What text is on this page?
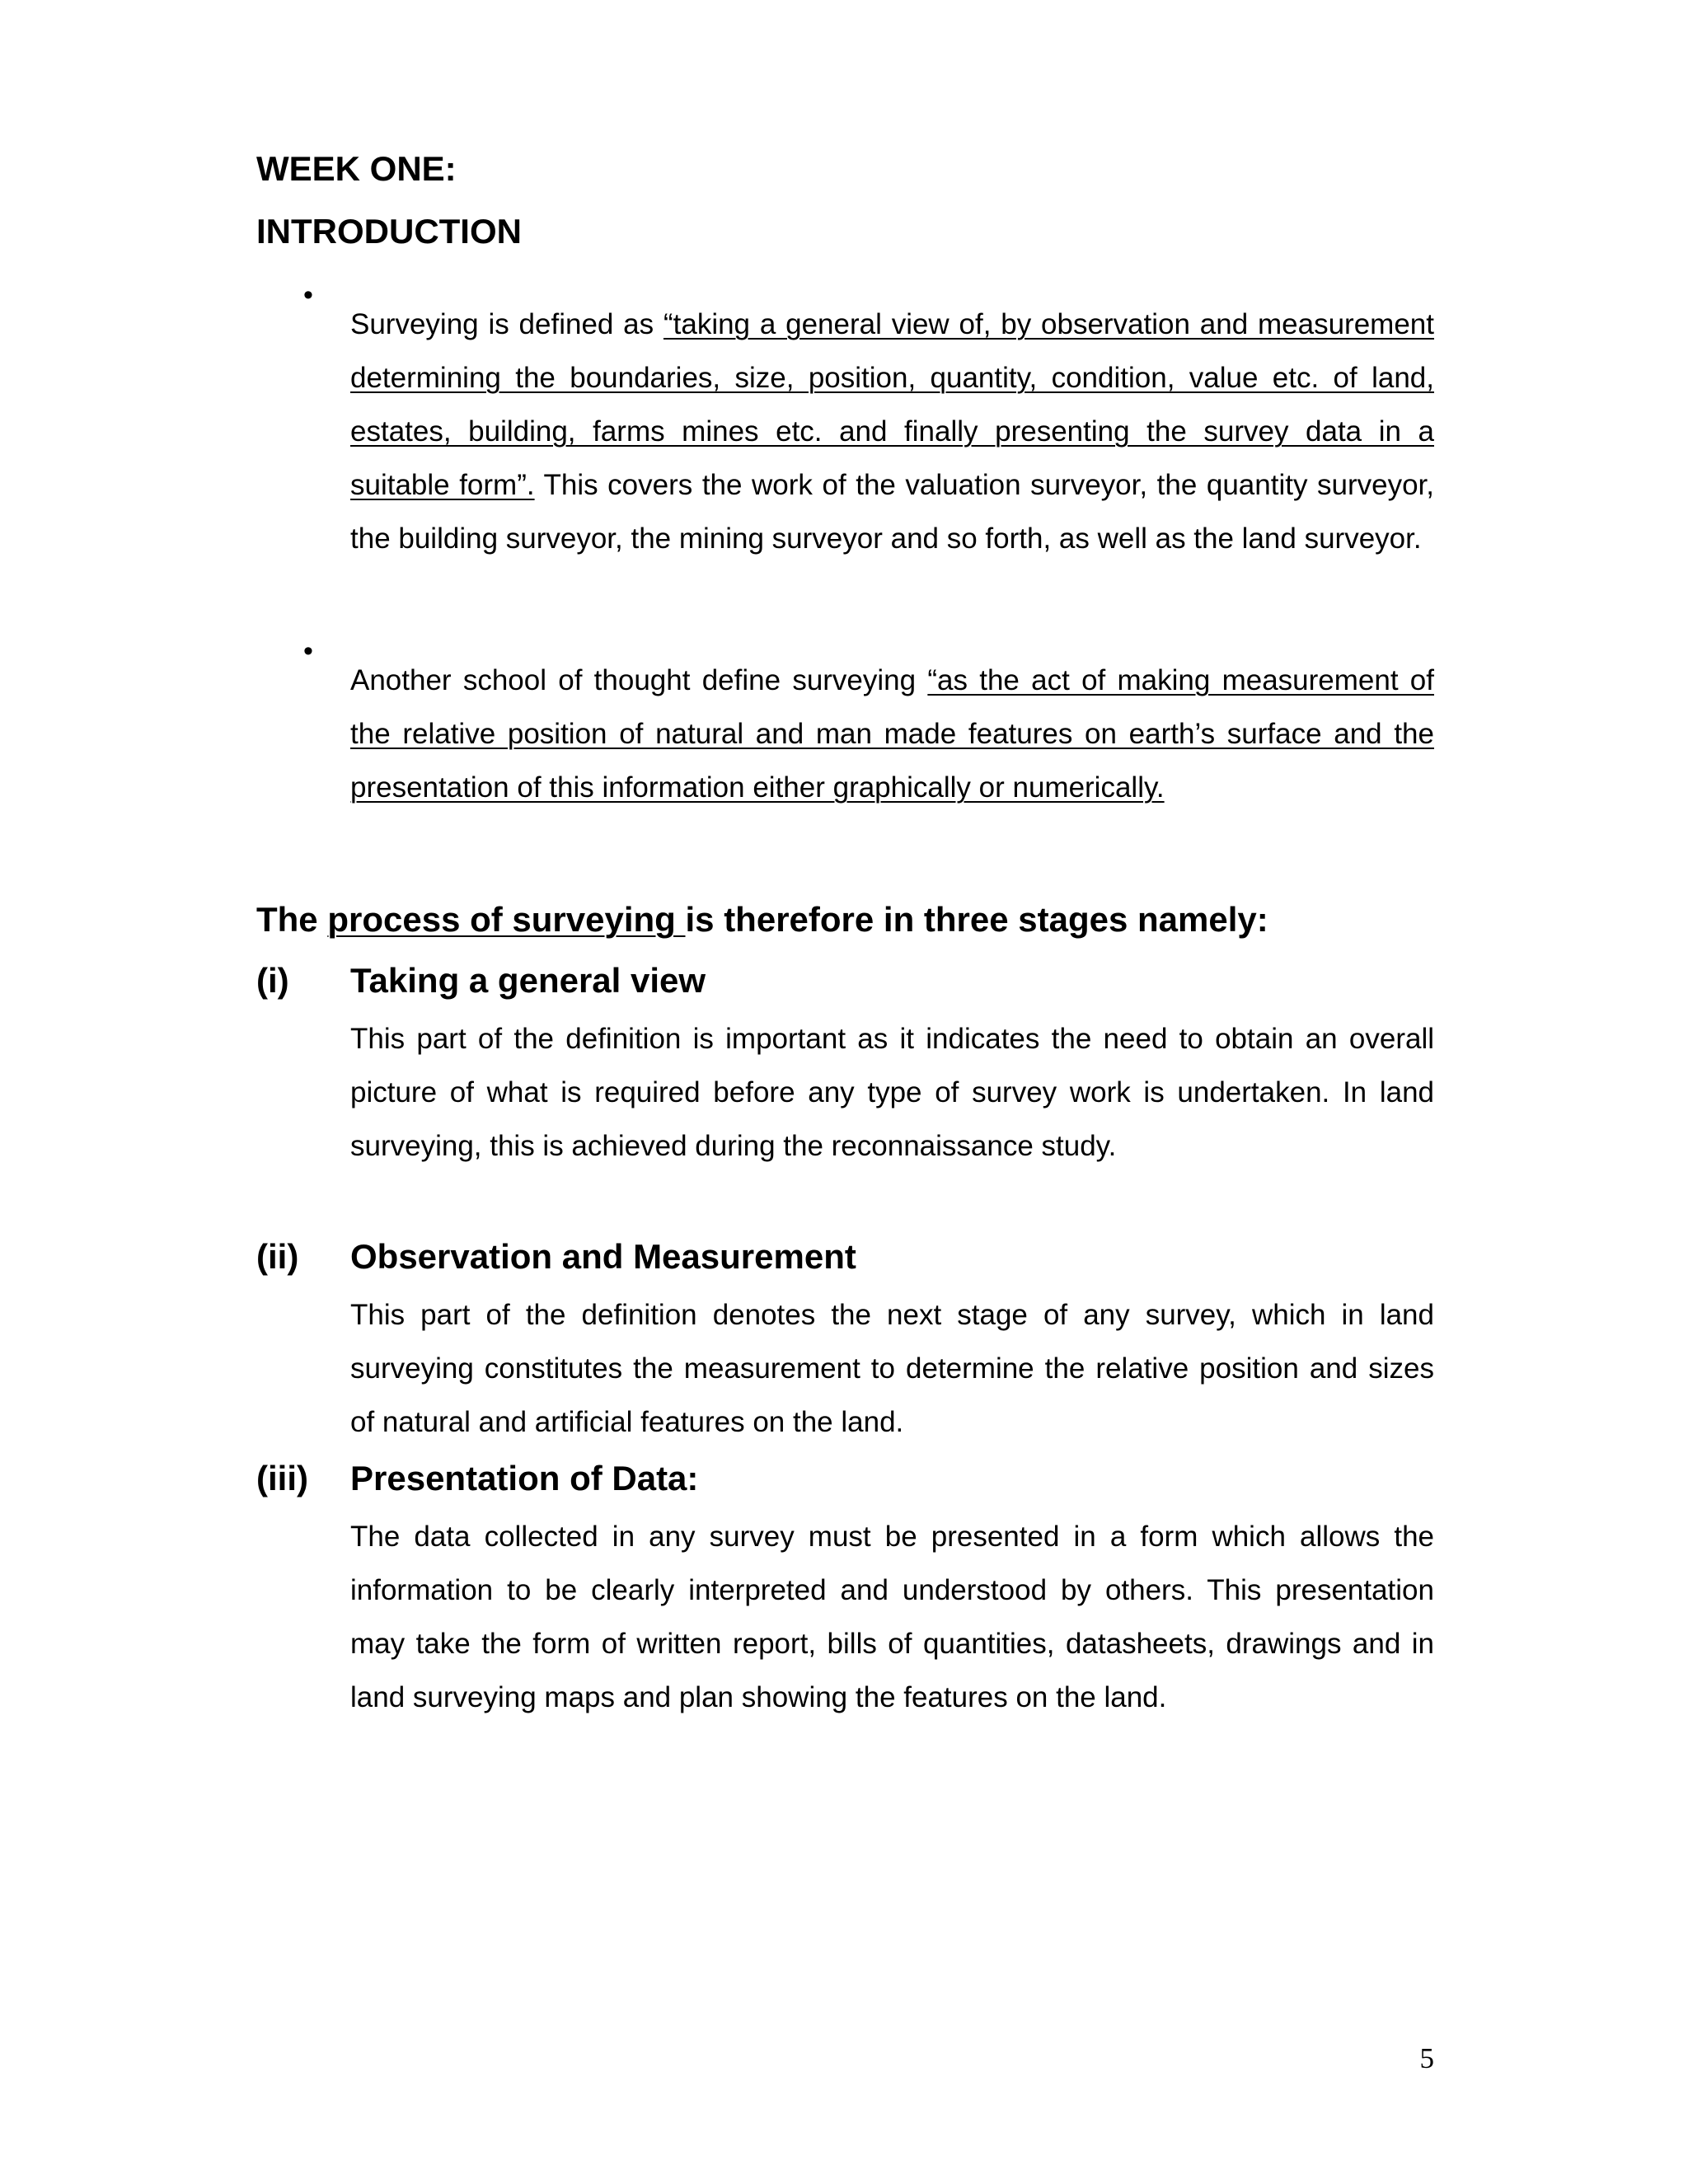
WEEK ONE:
INTRODUCTION
•

Surveying is defined as “taking a general view of, by observation and measurement determining the boundaries, size, position, quantity, condition, value etc. of land, estates, building, farms mines etc. and finally presenting the survey data in a suitable form”. This covers the work of the valuation surveyor, the quantity surveyor, the building surveyor, the mining surveyor and so forth, as well as the land surveyor.

•

Another school of thought define surveying “as the act of making measurement of the relative position of natural and man made features on earth’s surface and the presentation of this information either graphically or numerically.

The process of surveying is therefore in three stages namely:
(i) Taking a general view

This part of the definition is important as it indicates the need to obtain an overall picture of what is required before any type of survey work is undertaken. In land surveying, this is achieved during the reconnaissance study.

(ii) Observation and Measurement

This part of the definition denotes the next stage of any survey, which in land surveying constitutes the measurement to determine the relative position and sizes of natural and artificial features on the land.

(iii) Presentation of Data:

The data collected in any survey must be presented in a form which allows the information to be clearly interpreted and understood by others. This presentation may take the form of written report, bills of quantities, datasheets, drawings and in land surveying maps and plan showing the features on the land.

5
